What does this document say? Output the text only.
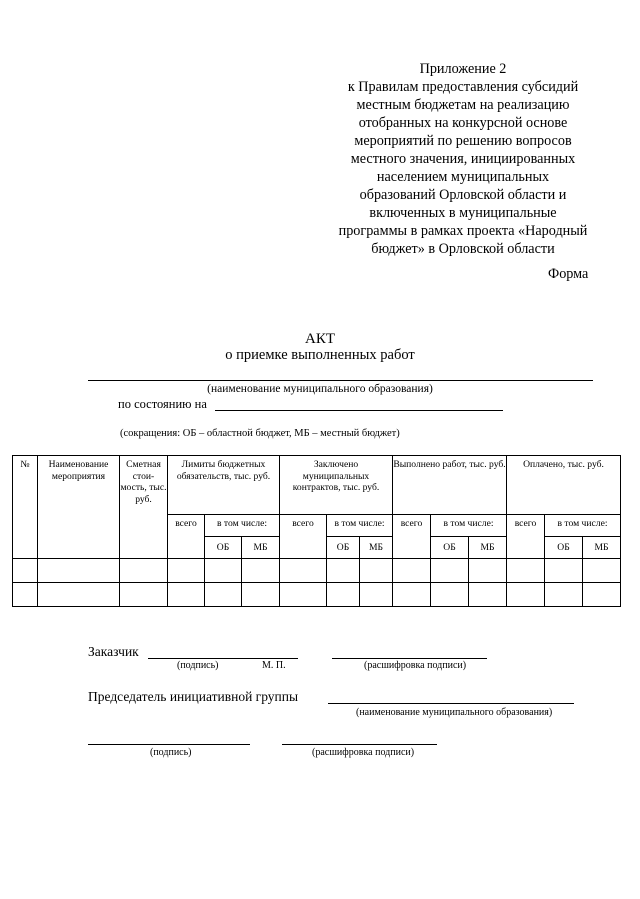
Приложение 2
к Правилам предоставления субсидий
местным бюджетам на реализацию
отобранных на конкурсной основе
мероприятий по решению вопросов
местного значения, инициированных
населением муниципальных
образований Орловской области и
включенных в муниципальные
программы в рамках проекта «Народный
бюджет» в Орловской области
Форма
АКТ
о приемке выполненных работ
(наименование муниципального образования)
по состоянию на
(сокращения: ОБ – областной бюджет, МБ – местный бюджет)
№	Наименование мероприятия	Сметная стои-мость, тыс. руб.	Лимиты бюджетных обязательств, тыс. руб.			Заключено муниципальных контрактов, тыс. руб.			Выполнено работ, тыс. руб.			Оплачено, тыс. руб.		
			всего	в том числе:		всего	в том числе:		всего	в том числе:		всего	в том числе:	
				ОБ	МБ		ОБ	МБ		ОБ	МБ		ОБ	МБ

Заказчик
(подпись)	М. П.	(расшифровка подписи)
Председатель инициативной группы
(наименование муниципального образования)
(подпись)	(расшифровка подписи)
